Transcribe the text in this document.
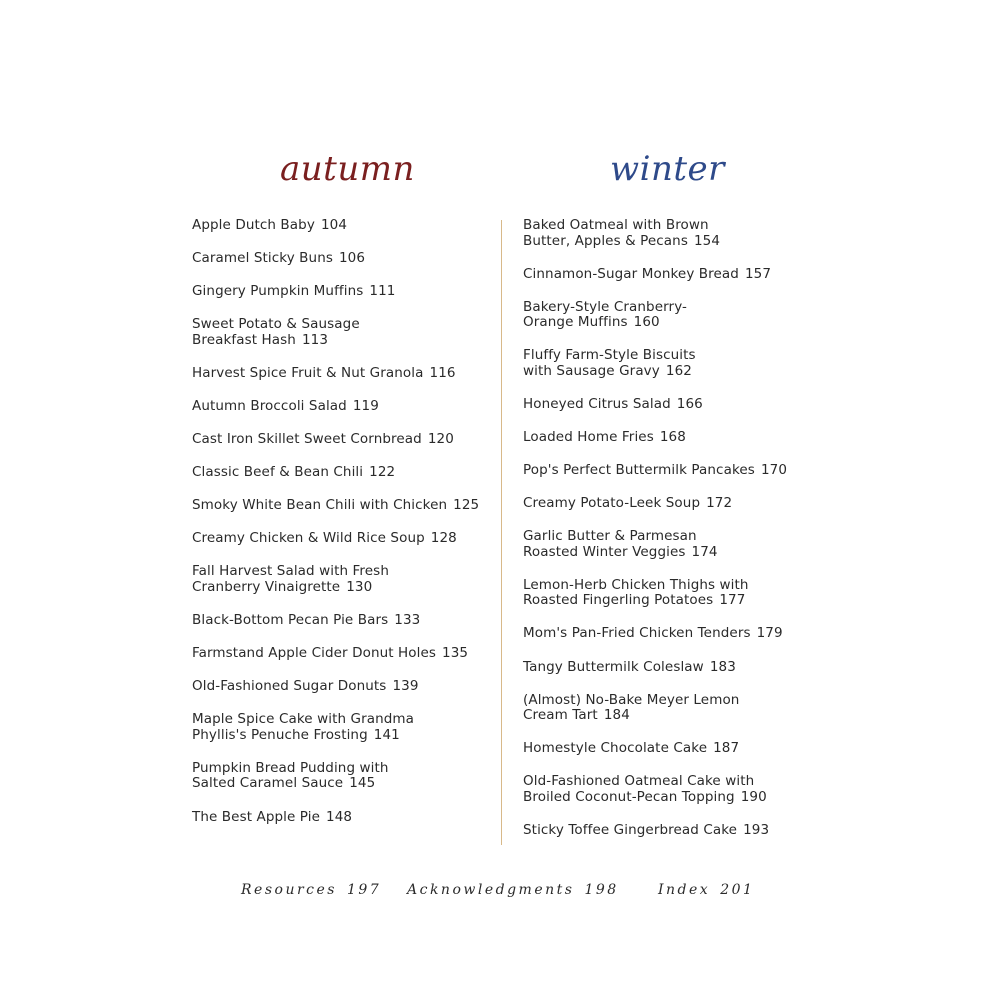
autumn	winter
Apple Dutch Baby 104
Caramel Sticky Buns 106
Gingery Pumpkin Muffins 111
Sweet Potato & Sausage
Breakfast Hash 113
Harvest Spice Fruit & Nut Granola 116
Autumn Broccoli Salad 119
Cast Iron Skillet Sweet Cornbread 120
Classic Beef & Bean Chili 122
Smoky White Bean Chili with Chicken 125
Creamy Chicken & Wild Rice Soup 128
Fall Harvest Salad with Fresh
Cranberry Vinaigrette 130
Black-Bottom Pecan Pie Bars 133
Farmstand Apple Cider Donut Holes 135
Old-Fashioned Sugar Donuts 139
Maple Spice Cake with Grandma
Phyllis's Penuche Frosting 141
Pumpkin Bread Pudding with
Salted Caramel Sauce 145
The Best Apple Pie 148
Baked Oatmeal with Brown
Butter, Apples & Pecans 154
Cinnamon-Sugar Monkey Bread 157
Bakery-Style Cranberry-
Orange Muffins 160
Fluffy Farm-Style Biscuits
with Sausage Gravy 162
Honeyed Citrus Salad 166
Loaded Home Fries 168
Pop's Perfect Buttermilk Pancakes 170
Creamy Potato-Leek Soup 172
Garlic Butter & Parmesan
Roasted Winter Veggies 174
Lemon-Herb Chicken Thighs with
Roasted Fingerling Potatoes 177
Mom's Pan-Fried Chicken Tenders 179
Tangy Buttermilk Coleslaw 183
(Almost) No-Bake Meyer Lemon
Cream Tart 184
Homestyle Chocolate Cake 187
Old-Fashioned Oatmeal Cake with
Broiled Coconut-Pecan Topping 190
Sticky Toffee Gingerbread Cake 193
Resources 197 Acknowledgments 198	Index 201
